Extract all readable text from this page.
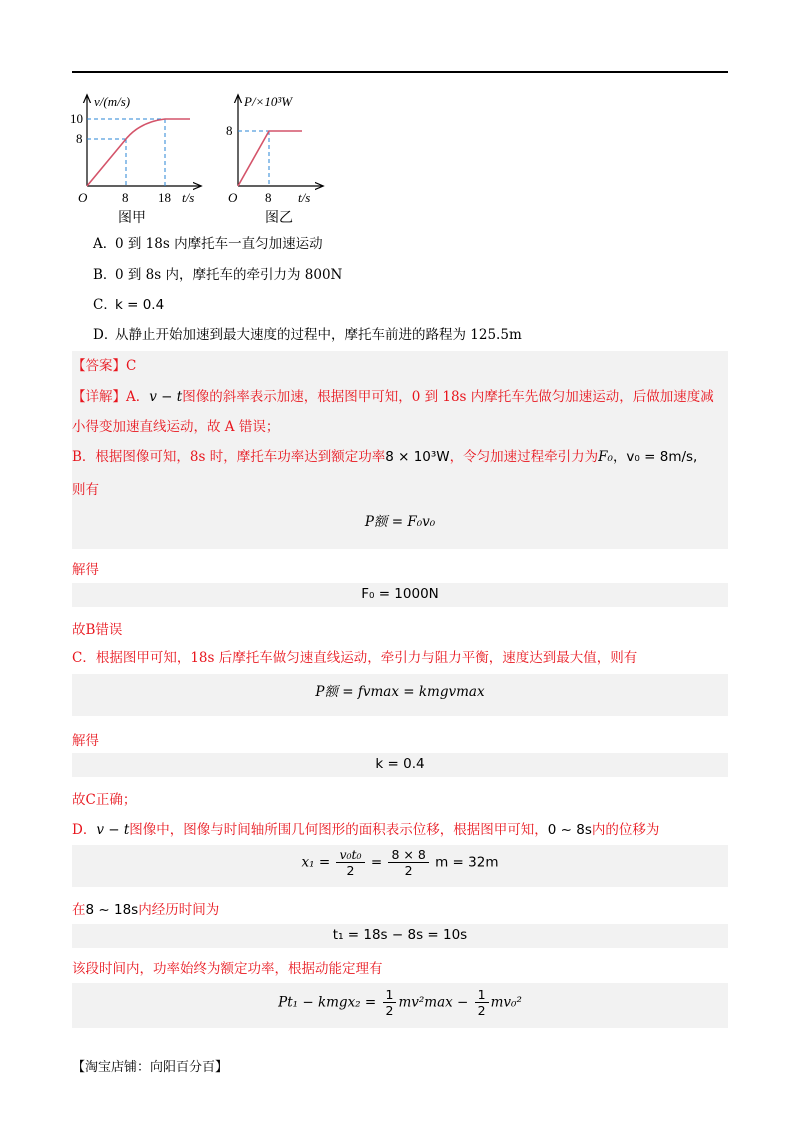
v/(m/s)
10
8
O	8 18 t/s
图甲
P/×10³W
8
O 8 t/s
图乙
A．0 到 18s 内摩托车一直匀加速运动
B．0 到 8s 内，摩托车的牵引力为 800N
C．k = 0.4
D．从静止开始加速到最大速度的过程中，摩托车前进的路程为 125.5m
【答案】C
【详解】A．v − t图像的斜率表示加速，根据图甲可知，0 到 18s 内摩托车先做匀加速运动，后做加速度减
小得变加速直线运动，故 A 错误；
B．根据图像可知，8s 时，摩托车功率达到额定功率8 × 10³W，令匀加速过程牵引力为F₀，v₀ = 8m/s,
则有
P额 = F₀v₀
解得
F₀ = 1000N
故B错误
C．根据图甲可知，18s 后摩托车做匀速直线运动，牵引力与阻力平衡，速度达到最大值，则有
P额 = fvmax = kmgvmax
解得
k = 0.4
故C正确；
D．v − t图像中，图像与时间轴所围几何图形的面积表示位移，根据图甲可知，0 ~ 8s内的位移为
$x_1 = \frac{\text{v₀t₀}}{2} = \frac{8 \times 8}{2}$ m = 32m
在8 ~ 18s内经历时间为
t₁ = 18s − 8s = 10s
该段时间内，功率始终为额定功率，根据动能定理有
Pt₁ − kmgx₂ = $\frac{1}{2} mv^2\max - \frac{1}{2} mv_0^2$
【淘宝店铺：向阳百分百】
